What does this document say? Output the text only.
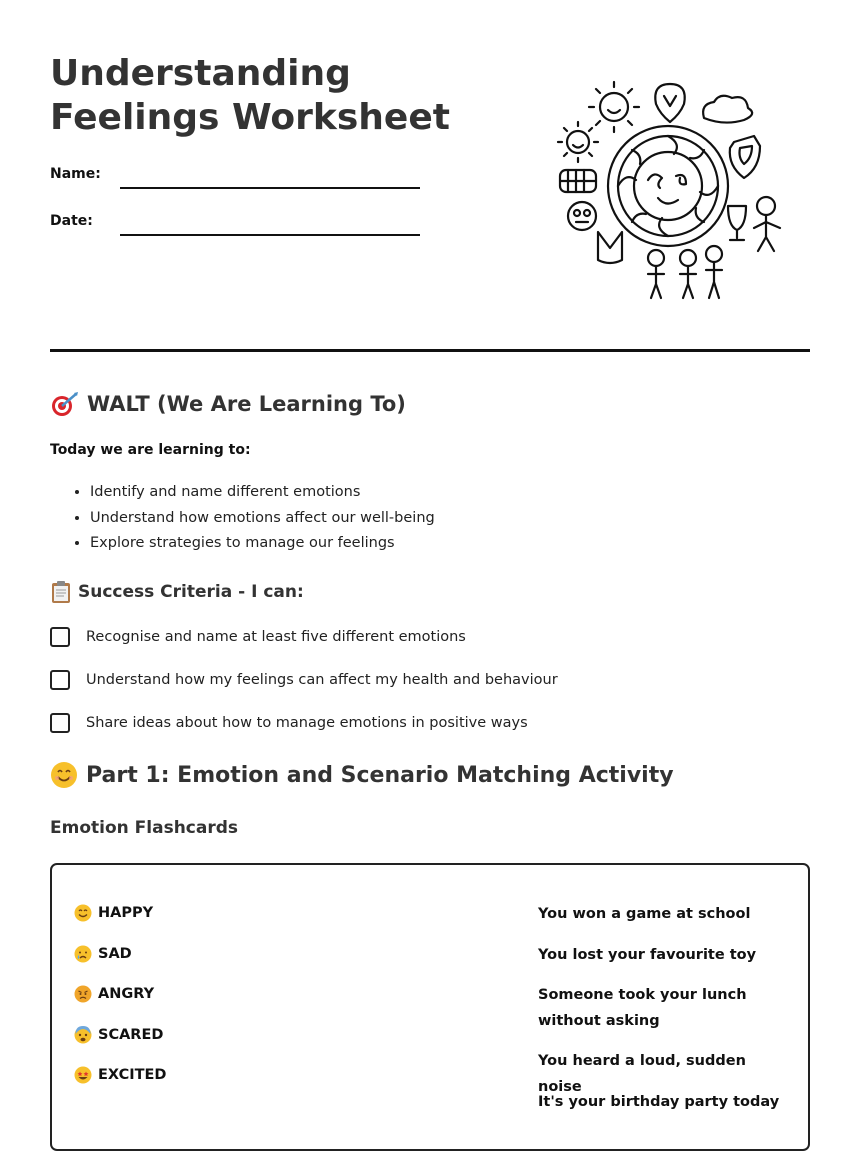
Understanding Feelings Worksheet
Name:
Date:
WALT (We Are Learning To)
Today we are learning to:
• Identify and name different emotions
• Understand how emotions affect our well-being
• Explore strategies to manage our feelings
Success Criteria - I can:
Recognise and name at least five different emotions
Understand how my feelings can affect my health and behaviour
Share ideas about how to manage emotions in positive ways
Part 1: Emotion and Scenario Matching Activity
Emotion Flashcards
HAPPY
SAD
ANGRY
SCARED
EXCITED
You won a game at school
You lost your favourite toy
Someone took your lunch without asking
You heard a loud, sudden noise
It's your birthday party today
